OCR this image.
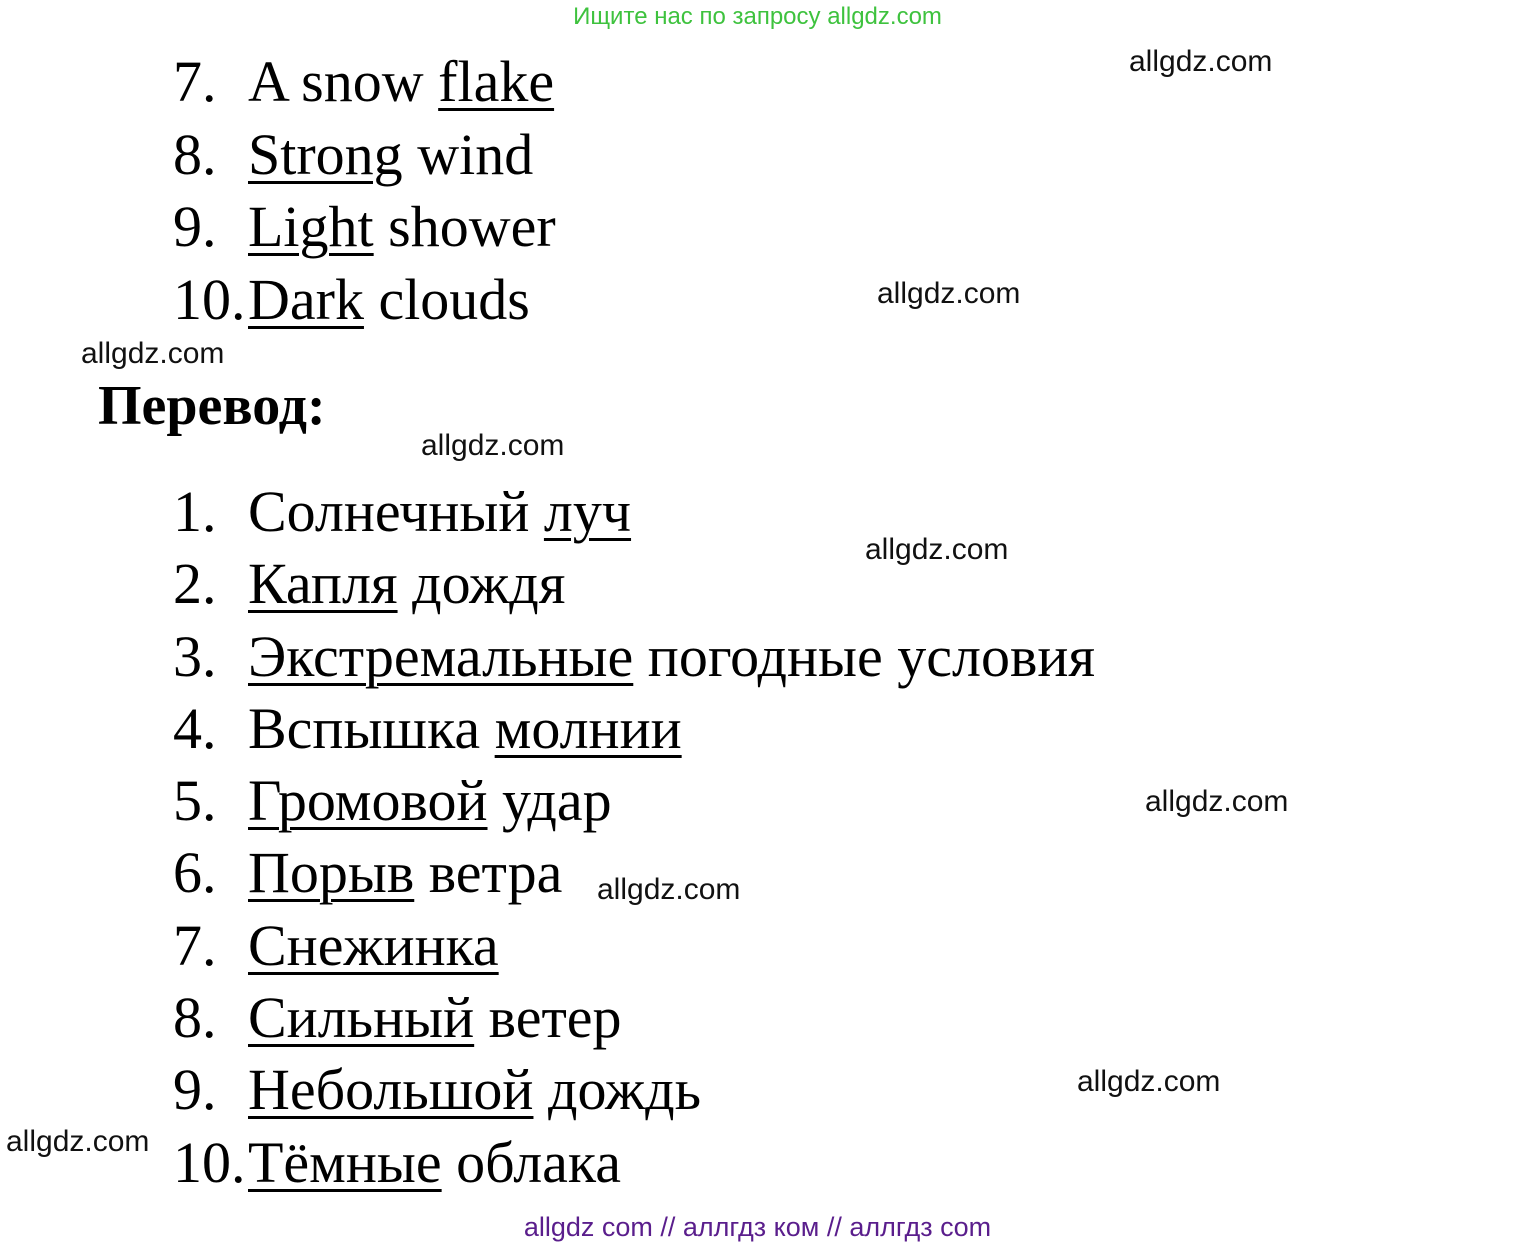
Ищите нас по запросу allgdz.com
7. A snow flake
8. Strong wind
9. Light shower
10.Dark clouds
Перевод:
1. Солнечный луч
2. Капля дождя
3. Экстремальные погодные условия
4. Вспышка молнии
5. Громовой удар
6. Порыв ветра
7. Снежинка
8. Сильный ветер
9. Небольшой дождь
10.Тёмные облака
allgdz.com
allgdz.com
allgdz.com
allgdz.com
allgdz.com
allgdz.com
allgdz.com
allgdz.com
allgdz.com
allgdz com // аллгдз ком // аллгдз com
